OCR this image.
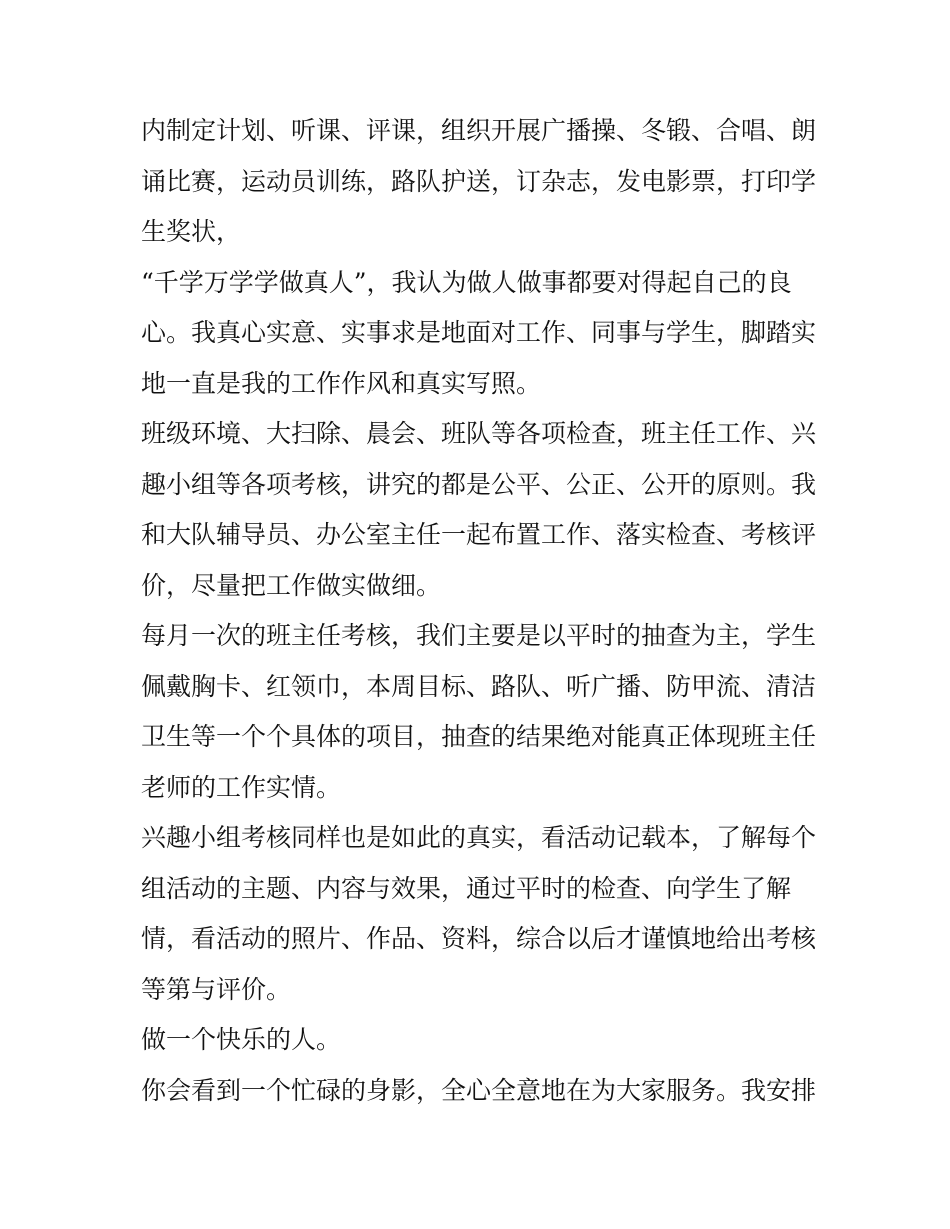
内制定计划、听课、评课，组织开展广播操、冬锻、合唱、朗诵比赛，运动员训练，路队护送，订杂志，发电影票，打印学生奖状，

“千学万学学做真人”，我认为做人做事都要对得起自己的良心。我真心实意、实事求是地面对工作、同事与学生，脚踏实地一直是我的工作作风和真实写照。

班级环境、大扫除、晨会、班队等各项检查，班主任工作、兴趣小组等各项考核，讲究的都是公平、公正、公开的原则。我和大队辅导员、办公室主任一起布置工作、落实检查、考核评价，尽量把工作做实做细。

每月一次的班主任考核，我们主要是以平时的抽查为主，学生佩戴胸卡、红领巾，本周目标、路队、听广播、防甲流、清洁卫生等一个个具体的项目，抽查的结果绝对能真正体现班主任老师的工作实情。

兴趣小组考核同样也是如此的真实，看活动记载本，了解每个组活动的主题、内容与效果，通过平时的检查、向学生了解情，看活动的照片、作品、资料，综合以后才谨慎地给出考核等第与评价。

做一个快乐的人。

你会看到一个忙碌的身影，全心全意地在为大家服务。我安排
